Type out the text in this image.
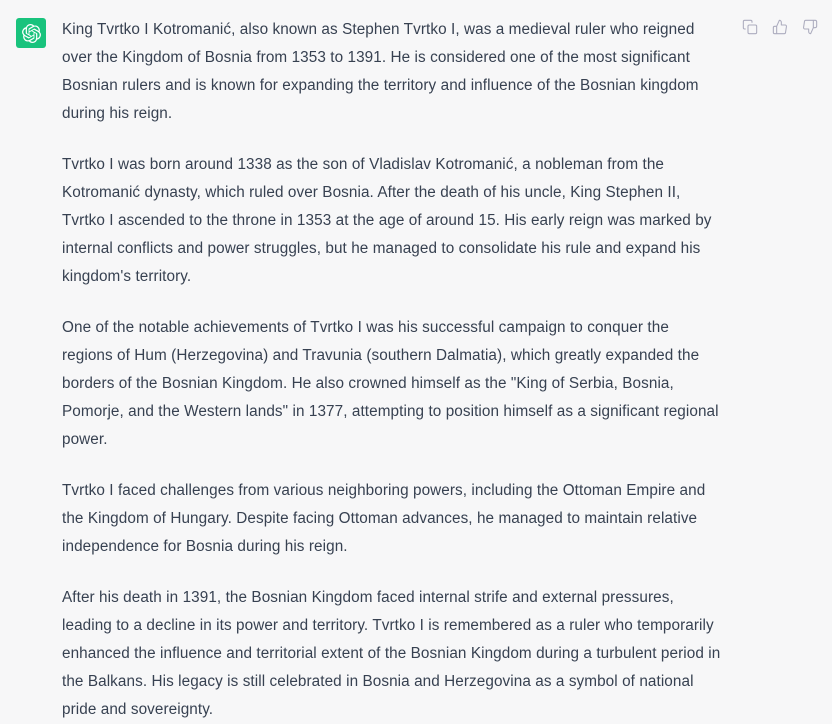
King Tvrtko I Kotromanić, also known as Stephen Tvrtko I, was a medieval ruler who reigned over the Kingdom of Bosnia from 1353 to 1391. He is considered one of the most significant Bosnian rulers and is known for expanding the territory and influence of the Bosnian kingdom during his reign.

Tvrtko I was born around 1338 as the son of Vladislav Kotromanić, a nobleman from the Kotromanić dynasty, which ruled over Bosnia. After the death of his uncle, King Stephen II, Tvrtko I ascended to the throne in 1353 at the age of around 15. His early reign was marked by internal conflicts and power struggles, but he managed to consolidate his rule and expand his kingdom's territory.

One of the notable achievements of Tvrtko I was his successful campaign to conquer the regions of Hum (Herzegovina) and Travunia (southern Dalmatia), which greatly expanded the borders of the Bosnian Kingdom. He also crowned himself as the "King of Serbia, Bosnia, Pomorje, and the Western lands" in 1377, attempting to position himself as a significant regional power.

Tvrtko I faced challenges from various neighboring powers, including the Ottoman Empire and the Kingdom of Hungary. Despite facing Ottoman advances, he managed to maintain relative independence for Bosnia during his reign.

After his death in 1391, the Bosnian Kingdom faced internal strife and external pressures, leading to a decline in its power and territory. Tvrtko I is remembered as a ruler who temporarily enhanced the influence and territorial extent of the Bosnian Kingdom during a turbulent period in the Balkans. His legacy is still celebrated in Bosnia and Herzegovina as a symbol of national pride and sovereignty.
